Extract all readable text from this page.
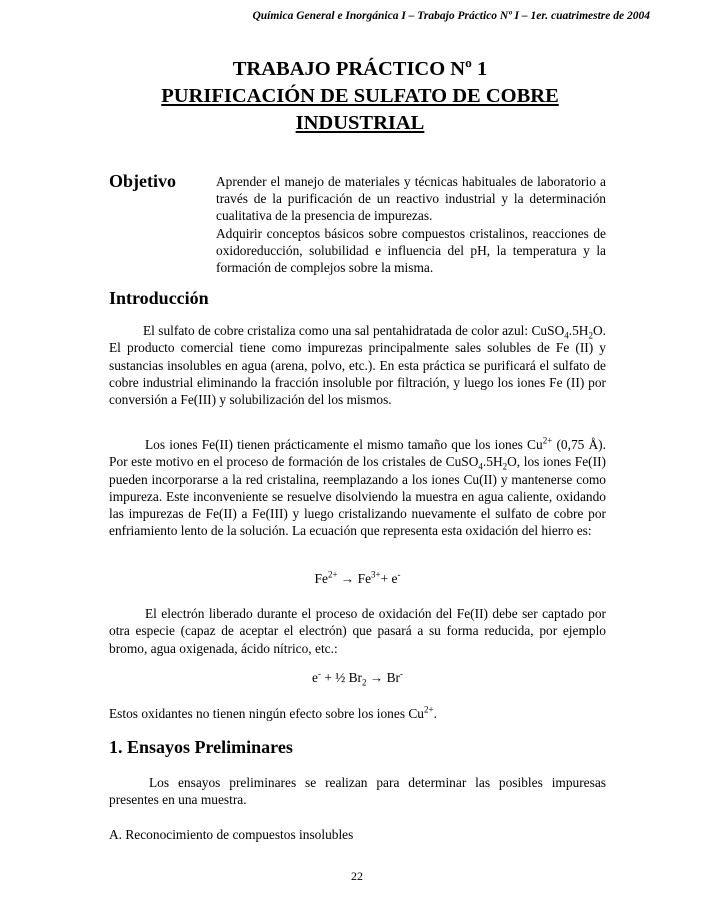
Química General e Inorgánica I – Trabajo Práctico Nº I – 1er. cuatrimestre de 2004
TRABAJO PRÁCTICO Nº 1
PURIFICACIÓN DE SULFATO DE COBRE
INDUSTRIAL
Objetivo	Aprender el manejo de materiales y técnicas habituales de laboratorio a través de la purificación de un reactivo industrial y la determinación cualitativa de la presencia de impurezas.

Adquirir conceptos básicos sobre compuestos cristalinos, reacciones de oxidoreducción, solubilidad e influencia del pH, la temperatura y la formación de complejos sobre la misma.

Introducción

El sulfato de cobre cristaliza como una sal pentahidratada de color azul: $CuSO_4.5H_2O$. El producto comercial tiene como impurezas principalmente sales solubles de Fe (II) y sustancias insolubles en agua (arena, polvo, etc.). En esta práctica se purificará el sulfato de cobre industrial eliminando la fracción insoluble por filtración, y luego los iones Fe (II) por conversión a Fe(III) y solubilización del los mismos.

Los iones Fe(II) tienen prácticamente el mismo tamaño que los iones $Cu^{2+}$ (0,75 Å). Por este motivo en el proceso de formación de los cristales de $CuSO_4.5H_2O$, los iones Fe(II) pueden incorporarse a la red cristalina, reemplazando a los iones Cu(II) y mantenerse como impureza. Este inconveniente se resuelve disolviendo la muestra en agua caliente, oxidando las impurezas de Fe(II) a Fe(III) y luego cristalizando nuevamente el sulfato de cobre por enfriamiento lento de la solución. La ecuación que representa esta oxidación del hierro es:

$Fe^{2+} \to Fe^{3+}+ e^-$

El electrón liberado durante el proceso de oxidación del Fe(II) debe ser captado por otra especie (capaz de aceptar el electrón) que pasará a su forma reducida, por ejemplo bromo, agua oxigenada, ácido nítrico, etc.:

e- + ½ $Br_2 \to Br^-$

Estos oxidantes no tienen ningún efecto sobre los iones $Cu^{2+}$.

1. Ensayos Preliminares

Los ensayos preliminares se realizan para determinar las posibles impuresas presentes en una muestra.

A. Reconocimiento de compuestos insolubles

22
